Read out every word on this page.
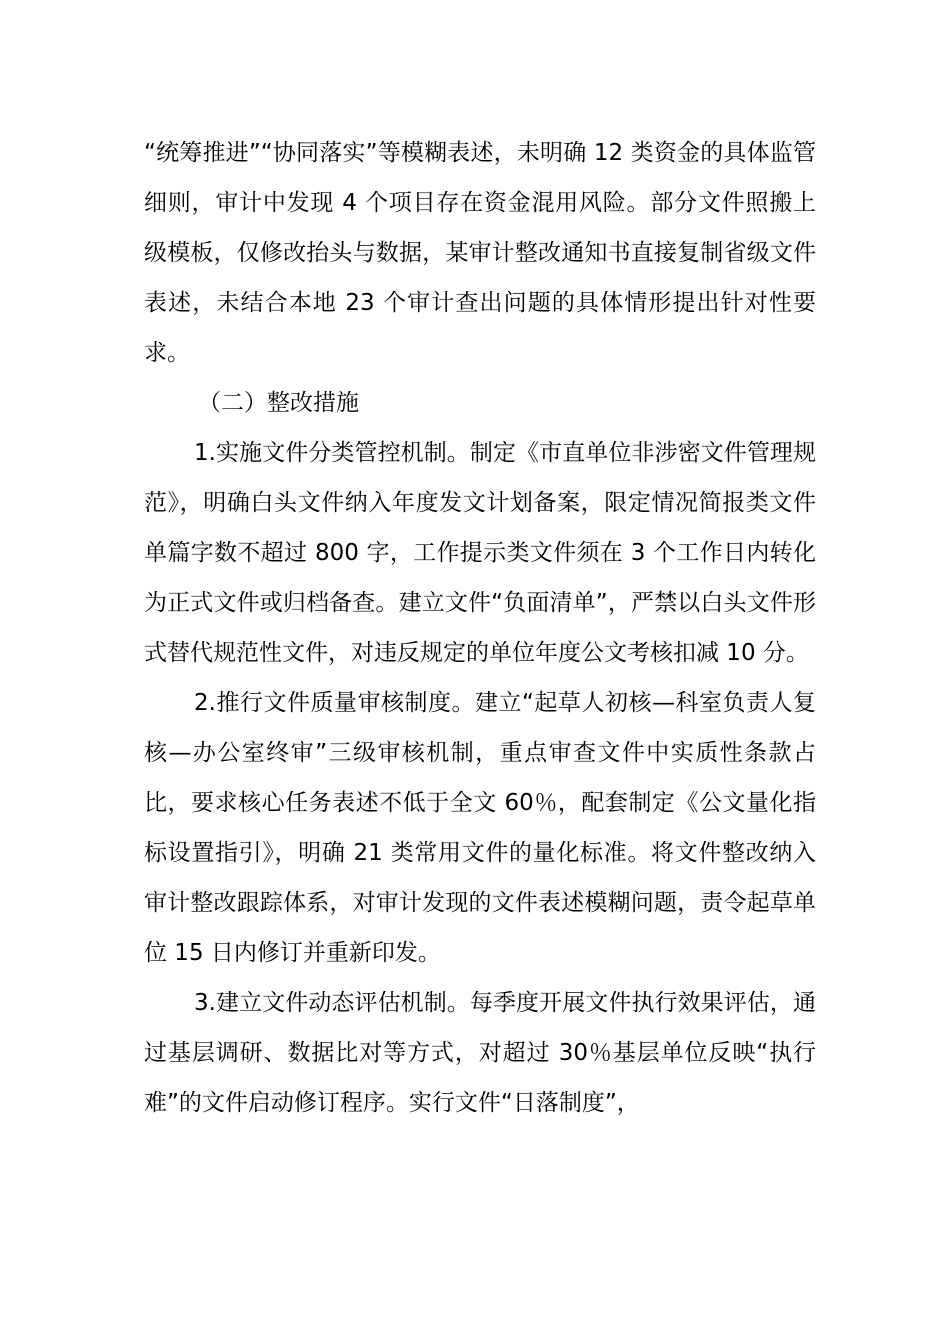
“统筹推进”“协同落实”等模糊表述，未明确 12 类资金的具体监管细则，审计中发现 4 个项目存在资金混用风险。部分文件照搬上级模板，仅修改抬头与数据，某审计整改通知书直接复制省级文件表述，未结合本地 23 个审计查出问题的具体情形提出针对性要求。

（二）整改措施

1.实施文件分类管控机制。制定《市直单位非涉密文件管理规范》，明确白头文件纳入年度发文计划备案，限定情况简报类文件单篇字数不超过 800 字，工作提示类文件须在 3 个工作日内转化为正式文件或归档备查。建立文件“负面清单”，严禁以白头文件形式替代规范性文件，对违反规定的单位年度公文考核扣减 10 分。

2.推行文件质量审核制度。建立“起草人初核—科室负责人复核—办公室终审”三级审核机制，重点审查文件中实质性条款占比，要求核心任务表述不低于全文 60％，配套制定《公文量化指标设置指引》，明确 21 类常用文件的量化标准。将文件整改纳入审计整改跟踪体系，对审计发现的文件表述模糊问题，责令起草单位 15 日内修订并重新印发。

3.建立文件动态评估机制。每季度开展文件执行效果评估，通过基层调研、数据比对等方式，对超过 30％基层单位反映“执行难”的文件启动修订程序。实行文件“日落制度”，
